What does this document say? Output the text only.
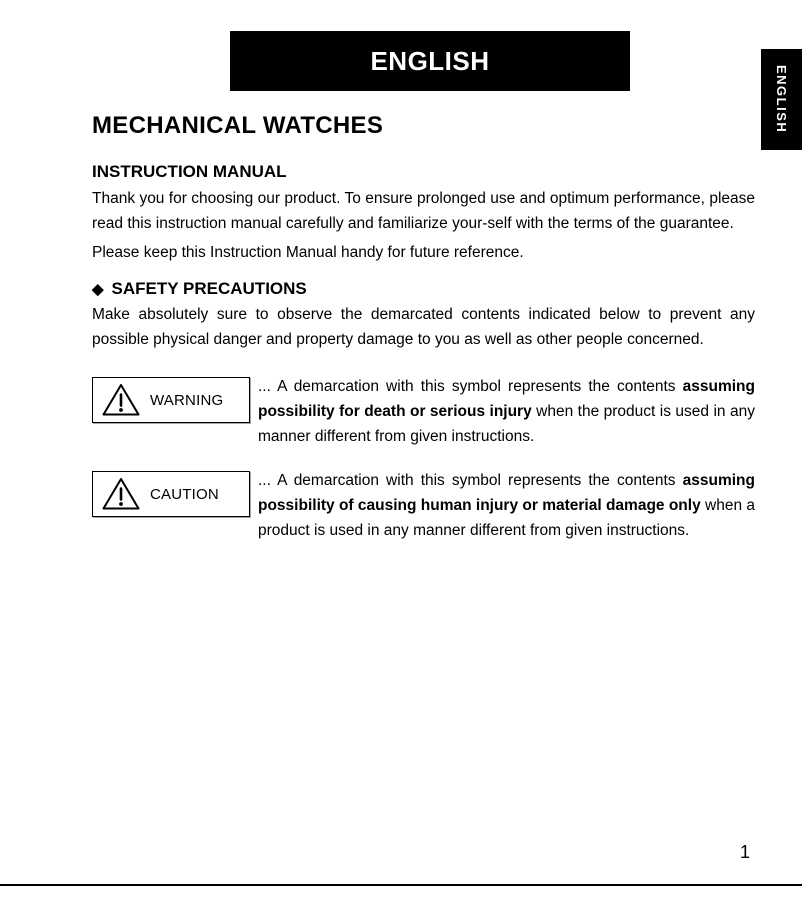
ENGLISH
ENGLISH
MECHANICAL WATCHES
INSTRUCTION MANUAL

Thank you for choosing our product. To ensure prolonged use and optimum performance, please read this instruction manual carefully and familiarize your-self with the terms of the guarantee.

Please keep this Instruction Manual handy for future reference.

◆ SAFETY PRECAUTIONS

Make absolutely sure to observe the demarcated contents indicated below to prevent any possible physical danger and property damage to you as well as other people concerned.

WARNING
... A demarcation with this symbol represents the contents assuming possibility for death or serious injury when the product is used in any manner different from given instructions.
CAUTION
... A demarcation with this symbol represents the contents assuming possibility of causing human injury or material damage only when a product is used in any manner different from given instructions.
1
